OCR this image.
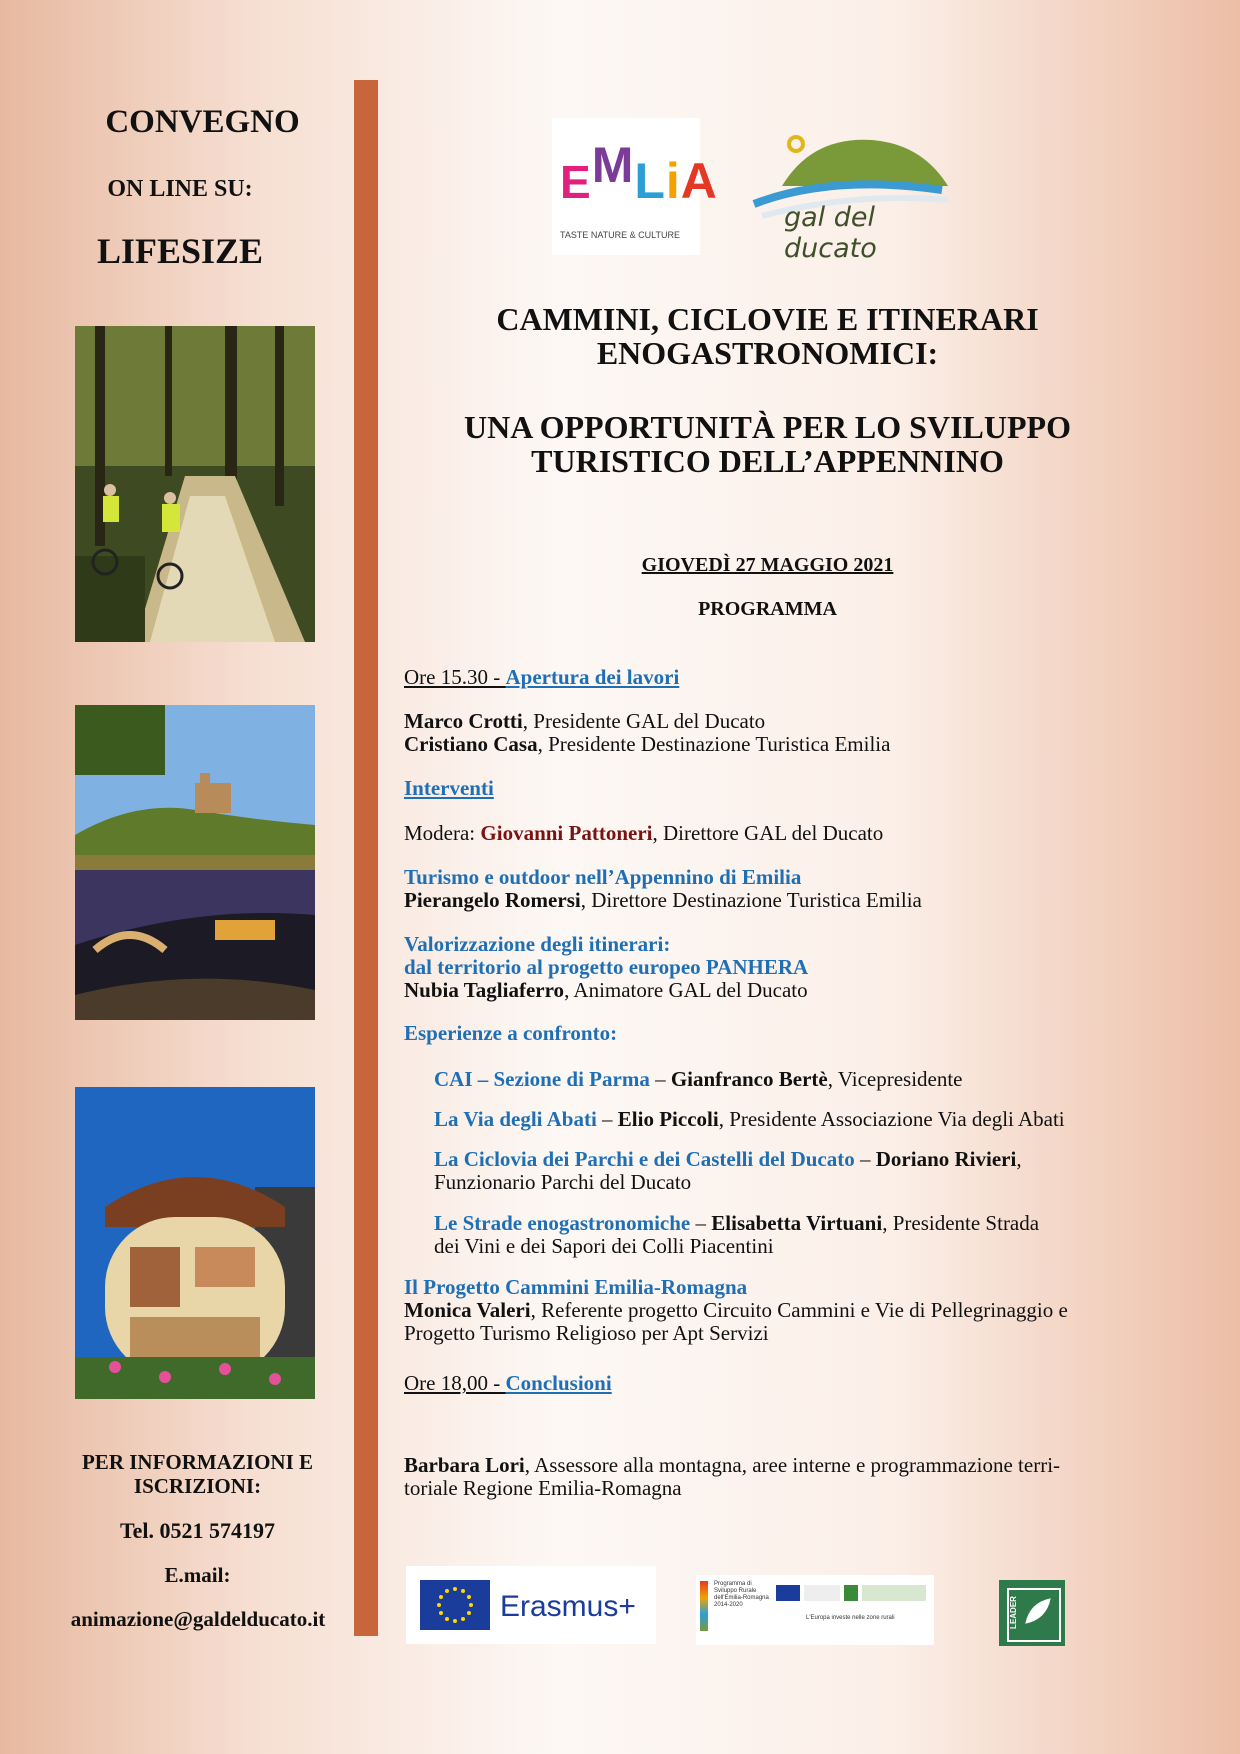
CONVEGNO
ON LINE SU:
LIFESIZE
PER INFORMAZIONI E ISCRIZIONI:
Tel. 0521 574197
E.mail:
animazione@galdelducato.it
EMLiA
TASTE NATURE & CULTURE
gal del ducato
CAMMINI, CICLOVIE E ITINERARI
ENOGASTRONOMICI:
UNA OPPORTUNITÀ PER LO SVILUPPO
TURISTICO DELL’APPENNINO
GIOVEDÌ 27 MAGGIO 2021
PROGRAMMA
Ore 15.30 - Apertura dei lavori
Marco Crotti, Presidente GAL del Ducato
Cristiano Casa, Presidente Destinazione Turistica Emilia
Interventi
Modera: Giovanni Pattoneri, Direttore GAL del Ducato
Turismo e outdoor nell’Appennino di Emilia
Pierangelo Romersi, Direttore Destinazione Turistica Emilia
Valorizzazione degli itinerari:
dal territorio al progetto europeo PANHERA
Nubia Tagliaferro, Animatore GAL del Ducato
Esperienze a confronto:
CAI – Sezione di Parma – Gianfranco Bertè, Vicepresidente
La Via degli Abati – Elio Piccoli, Presidente Associazione Via degli Abati
La Ciclovia dei Parchi e dei Castelli del Ducato – Doriano Rivieri,
Funzionario Parchi del Ducato
Le Strade enogastronomiche – Elisabetta Virtuani, Presidente Strada
dei Vini e dei Sapori dei Colli Piacentini
Il Progetto Cammini Emilia-Romagna
Monica Valeri, Referente progetto Circuito Cammini e Vie di Pellegrinaggio e
Progetto Turismo Religioso per Apt Servizi
Ore 18,00 - Conclusioni
Barbara Lori, Assessore alla montagna, aree interne e programmazione terri-
toriale Regione Emilia-Romagna
Erasmus+
Programma di
Sviluppo Rurale
dell'Emilia-Romagna
2014-2020
L'Europa investe nelle zone rurali	LEADER
